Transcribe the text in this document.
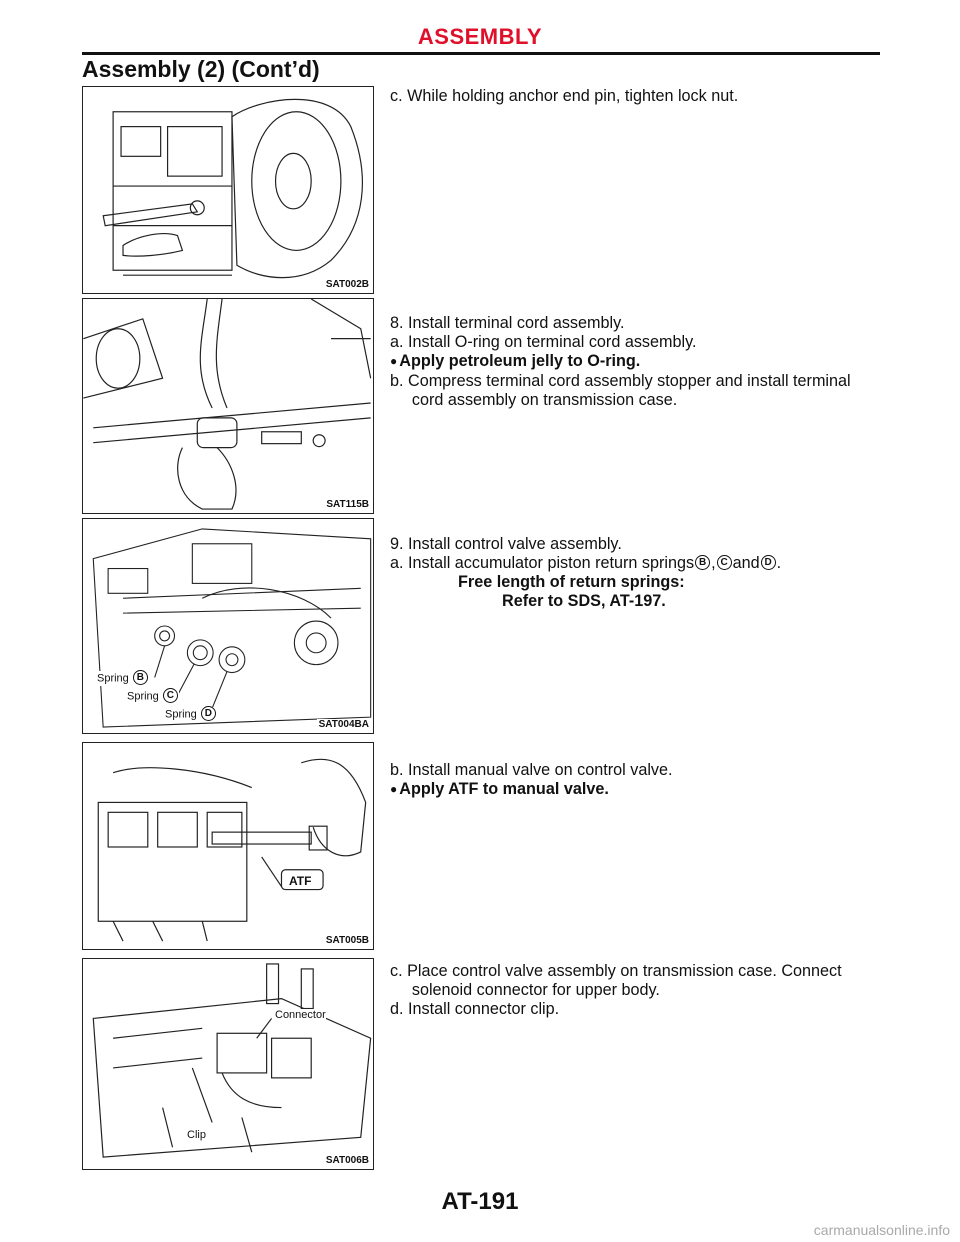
ASSEMBLY
Assembly (2) (Cont’d)
SAT002B
SAT115B
Spring B
Spring C
Spring D
SAT004BA
ATF
SAT005B
Connector
Clip
SAT006B

c. While holding anchor end pin, tighten lock nut.

8. Install terminal cord assembly.

a. Install O-ring on terminal cord assembly.

● Apply petroleum jelly to O-ring.

b. Compress terminal cord assembly stopper and install terminal cord assembly on transmission case.

9. Install control valve assembly.

a. Install accumulator piston return springs B , C and D .

Free length of return springs:

Refer to SDS, AT-197.

b. Install manual valve on control valve.

● Apply ATF to manual valve.

c. Place control valve assembly on transmission case. Connect solenoid connector for upper body.

d. Install connector clip.

AT-191
carmanualsonline.info
